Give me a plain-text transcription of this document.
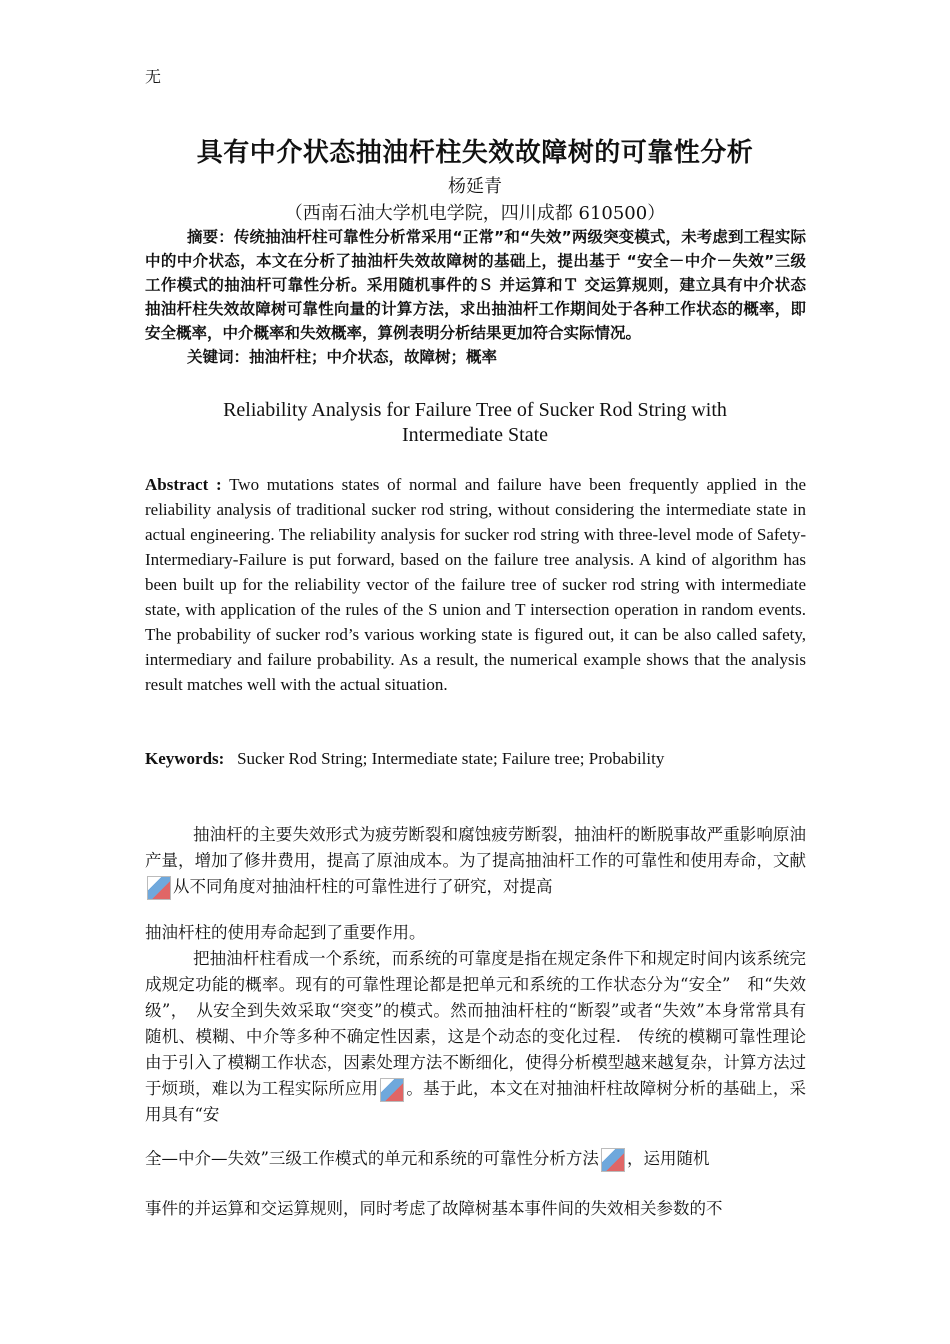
无
具有中介状态抽油杆柱失效故障树的可靠性分析
杨延青
（西南石油大学机电学院，四川成都 610500）

摘要：传统抽油杆柱可靠性分析常采用“正常”和“失效”两级突变模式，未考虑到工程实际中的中介状态，本文在分析了抽油杆失效故障树的基础上，提出基于 “安全－中介－失效”三级工作模式的抽油杆可靠性分析。采用随机事件的Ｓ 并运算和Ｔ 交运算规则，建立具有中介状态抽油杆柱失效故障树可靠性向量的计算方法，求出抽油杆工作期间处于各种工作状态的概率，即安全概率，中介概率和失效概率，算例表明分析结果更加符合实际情况。

关键词：抽油杆柱；中介状态，故障树；概率

Reliability Analysis for Failure Tree of Sucker Rod String with
Intermediate State

Abstract : Two mutations states of normal and failure have been frequently applied in the reliability analysis of traditional sucker rod string, without considering the intermediate state in actual engineering. The reliability analysis for sucker rod string with three-level mode of Safety-Intermediary-Failure is put forward, based on the failure tree analysis. A kind of algorithm has been built up for the reliability vector of the failure tree of sucker rod string with intermediate state, with application of the rules of the S union and T intersection operation in random events. The probability of sucker rod’s various working state is figured out, it can be also called safety, intermediary and failure probability. As a result, the numerical example shows that the analysis result matches well with the actual situation.

Keywords: Sucker Rod String; Intermediate state; Failure tree; Probability

抽油杆的主要失效形式为疲劳断裂和腐蚀疲劳断裂，抽油杆的断脱事故严重影响原油产量，增加了修井费用，提高了原油成本。为了提高抽油杆工作的可靠性和使用寿命，文献从不同角度对抽油杆柱的可靠性进行了研究，对提高

抽油杆柱的使用寿命起到了重要作用。

把抽油杆柱看成一个系统，而系统的可靠度是指在规定条件下和规定时间内该系统完成规定功能的概率。现有的可靠性理论都是把单元和系统的工作状态分为“安全”　和“失效级”，　从安全到失效采取“突变”的模式。然而抽油杆柱的“断裂”或者“失效”本身常常具有随机、模糊、中介等多种不确定性因素，这是个动态的变化过程.　传统的模糊可靠性理论由于引入了模糊工作状态，因素处理方法不断细化，使得分析模型越来越复杂，计算方法过于烦琐，难以为工程实际所应用 。基于此，本文在对抽油杆柱故障树分析的基础上，采用具有“安

全—中介—失效”三级工作模式的单元和系统的可靠性分析方法 ，运用随机
事件的并运算和交运算规则，同时考虑了故障树基本事件间的失效相关参数的不
